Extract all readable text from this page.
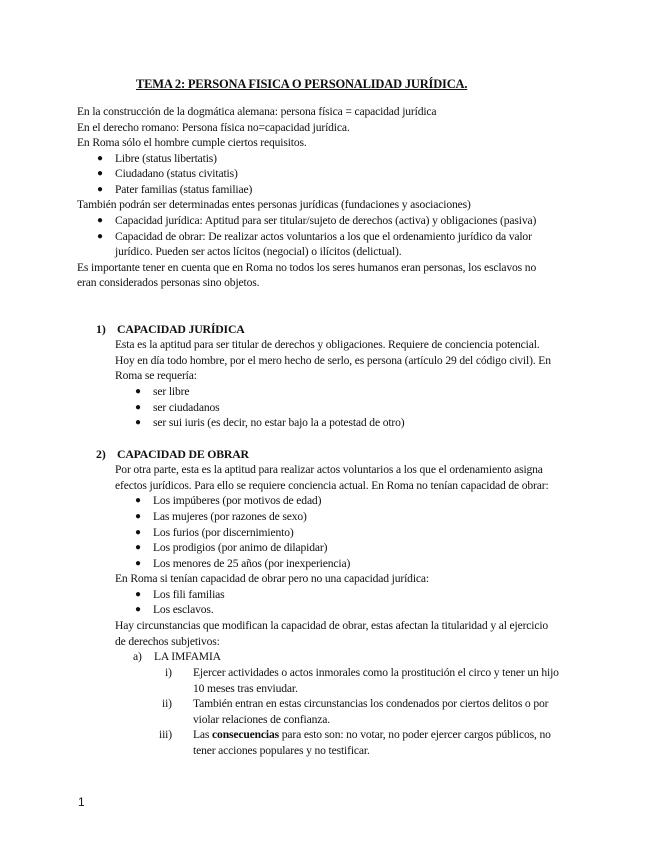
TEMA 2: PERSONA FISICA O PERSONALIDAD JURÍDICA.
En la construcción de la dogmática alemana: persona física = capacidad jurídica
En el derecho romano: Persona física no=capacidad jurídica.
En Roma sólo el hombre cumple ciertos requisitos.
● Libre (status libertatis)
● Ciudadano (status civitatis)
● Pater familias (status familiae)
También podrán ser determinadas entes personas jurídicas (fundaciones y asociaciones)
● Capacidad jurídica: Aptitud para ser titular/sujeto de derechos (activa) y obligaciones (pasiva)
● Capacidad de obrar: De realizar actos voluntarios a los que el ordenamiento jurídico da valor
jurídico. Pueden ser actos lícitos (negocial) o ilícitos (delictual).
Es importante tener en cuenta que en Roma no todos los seres humanos eran personas, los esclavos no
eran considerados personas sino objetos.
1) CAPACIDAD JURÍDICA
Esta es la aptitud para ser titular de derechos y obligaciones. Requiere de conciencia potencial.
Hoy en día todo hombre, por el mero hecho de serlo, es persona (artículo 29 del código civil). En
Roma se requería:
● ser libre
● ser ciudadanos
● ser sui iuris (es decir, no estar bajo la a potestad de otro)
2) CAPACIDAD DE OBRAR
Por otra parte, esta es la aptitud para realizar actos voluntarios a los que el ordenamiento asigna
efectos jurídicos. Para ello se requiere conciencia actual. En Roma no tenían capacidad de obrar:
● Los impúberes (por motivos de edad)
● Las mujeres (por razones de sexo)
● Los furios (por discernimiento)
● Los prodigios (por animo de dilapidar)
● Los menores de 25 años (por inexperiencia)
En Roma si tenían capacidad de obrar pero no una capacidad jurídica:
● Los fili familias
● Los esclavos.
Hay circunstancias que modifican la capacidad de obrar, estas afectan la titularidad y al ejercicio
de derechos subjetivos:
a) LA IMFAMIA
i) Ejercer actividades o actos inmorales como la prostitución el circo y tener un hijo
10 meses tras enviudar.
ii) También entran en estas circunstancias los condenados por ciertos delitos o por
violar relaciones de confianza.
iii) Las consecuencias para esto son: no votar, no poder ejercer cargos públicos, no
tener acciones populares y no testificar.
1
